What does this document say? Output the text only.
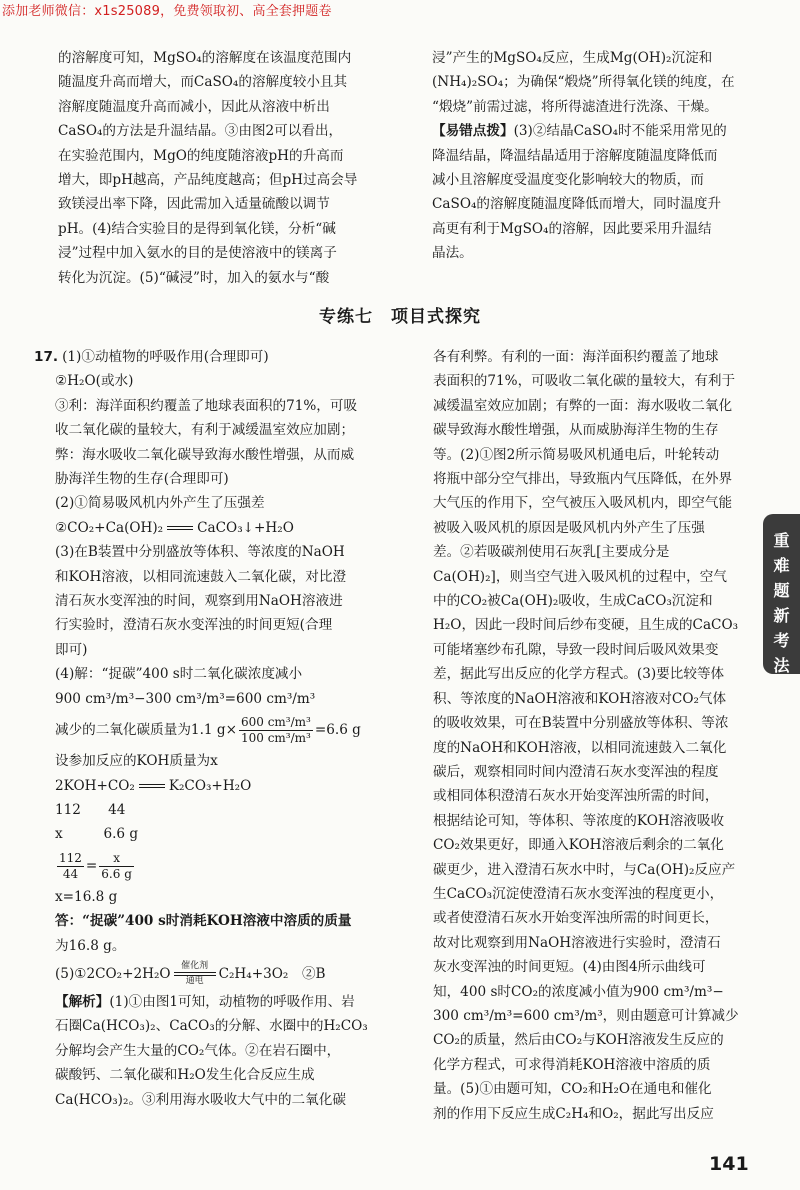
添加老师微信：x1s25089，免费领取初、高全套押题卷

的溶解度可知，MgSO₄的溶解度在该温度范围内

随温度升高而增大，而CaSO₄的溶解度较小且其

溶解度随温度升高而减小，因此从溶液中析出

CaSO₄的方法是升温结晶。③由图2可以看出，

在实验范围内，MgO的纯度随溶液pH的升高而

增大，即pH越高，产品纯度越高；但pH过高会导

致镁浸出率下降，因此需加入适量硫酸以调节

pH。(4)结合实验目的是得到氧化镁，分析“碱

浸”过程中加入氨水的目的是使溶液中的镁离子

转化为沉淀。(5)“碱浸”时，加入的氨水与“酸

浸”产生的MgSO₄反应，生成Mg(OH)₂沉淀和

(NH₄)₂SO₄；为确保“煅烧”所得氧化镁的纯度，在

“煅烧”前需过滤，将所得滤渣进行洗涤、干燥。

【易错点拨】(3)②结晶CaSO₄时不能采用常见的

降温结晶，降温结晶适用于溶解度随温度降低而

减小且溶解度受温度变化影响较大的物质，而

CaSO₄的溶解度随温度降低而增大，同时温度升

高更有利于MgSO₄的溶解，因此要采用升温结

晶法。

专练七　项目式探究

17. (1)①动植物的呼吸作用(合理即可)

②H₂O(或水)

③利：海洋面积约覆盖了地球表面积的71%，可吸

收二氧化碳的量较大，有利于减缓温室效应加剧；

弊：海水吸收二氧化碳导致海水酸性增强，从而威

胁海洋生物的生存(合理即可)

(2)①简易吸风机内外产生了压强差

②CO₂+Ca(OH)₂	CaCO₃↓+H₂O

(3)在B装置中分别盛放等体积、等浓度的NaOH

和KOH溶液，以相同流速鼓入二氧化碳，对比澄

清石灰水变浑浊的时间，观察到用NaOH溶液进

行实验时，澄清石灰水变浑浊的时间更短(合理

即可)

(4)解：“捉碳”400 s时二氧化碳浓度减小

900 cm³/m³−300 cm³/m³=600 cm³/m³

减少的二氧化碳质量为1.1 $g\times \frac{\text{600 cm³/m³}}{\text{100 cm³/m³}} =6.6$ g

设参加反应的KOH质量为x

2KOH+CO₂	K₂CO₃+H₂O

112　　44

x　　　6.6 g

$\frac{112}{44} = \frac{x}{6.6 g}$

x=16.8 g

答：“捉碳”400 s时消耗KOH溶液中溶质的质量

为16.8 g。

(5)①2CO₂+2H₂O	催化剂
通电	C₂H₄+3O₂　②B

【解析】(1)①由图1可知，动植物的呼吸作用、岩

石圈Ca(HCO₃)₂、CaCO₃的分解、水圈中的H₂CO₃

分解均会产生大量的CO₂气体。②在岩石圈中，

碳酸钙、二氧化碳和H₂O发生化合反应生成

Ca(HCO₃)₂。③利用海水吸收大气中的二氧化碳

各有利弊。有利的一面：海洋面积约覆盖了地球

表面积的71%，可吸收二氧化碳的量较大，有利于

减缓温室效应加剧；有弊的一面：海水吸收二氧化

碳导致海水酸性增强，从而威胁海洋生物的生存

等。(2)①图2所示简易吸风机通电后，叶轮转动

将瓶中部分空气排出，导致瓶内气压降低，在外界

大气压的作用下，空气被压入吸风机内，即空气能

被吸入吸风机的原因是吸风机内外产生了压强

差。②若吸碳剂使用石灰乳[主要成分是

Ca(OH)₂]，则当空气进入吸风机的过程中，空气

中的CO₂被Ca(OH)₂吸收，生成CaCO₃沉淀和

H₂O，因此一段时间后纱布变硬，且生成的CaCO₃

可能堵塞纱布孔隙，导致一段时间后吸风效果变

差，据此写出反应的化学方程式。(3)要比较等体

积、等浓度的NaOH溶液和KOH溶液对CO₂气体

的吸收效果，可在B装置中分别盛放等体积、等浓

度的NaOH和KOH溶液，以相同流速鼓入二氧化

碳后，观察相同时间内澄清石灰水变浑浊的程度

或相同体积澄清石灰水开始变浑浊所需的时间，

根据结论可知，等体积、等浓度的KOH溶液吸收

CO₂效果更好，即通入KOH溶液后剩余的二氧化

碳更少，进入澄清石灰水中时，与Ca(OH)₂反应产

生CaCO₃沉淀使澄清石灰水变浑浊的程度更小，

或者使澄清石灰水开始变浑浊所需的时间更长，

故对比观察到用NaOH溶液进行实验时，澄清石

灰水变浑浊的时间更短。(4)由图4所示曲线可

知，400 s时CO₂的浓度减小值为900 cm³/m³−

300 cm³/m³=600 cm³/m³，则由题意可计算减少

CO₂的质量，然后由CO₂与KOH溶液发生反应的

化学方程式，可求得消耗KOH溶液中溶质的质

量。(5)①由题可知，CO₂和H₂O在通电和催化

剂的作用下反应生成C₂H₄和O₂，据此写出反应

重
难
题
新
考
法
141
